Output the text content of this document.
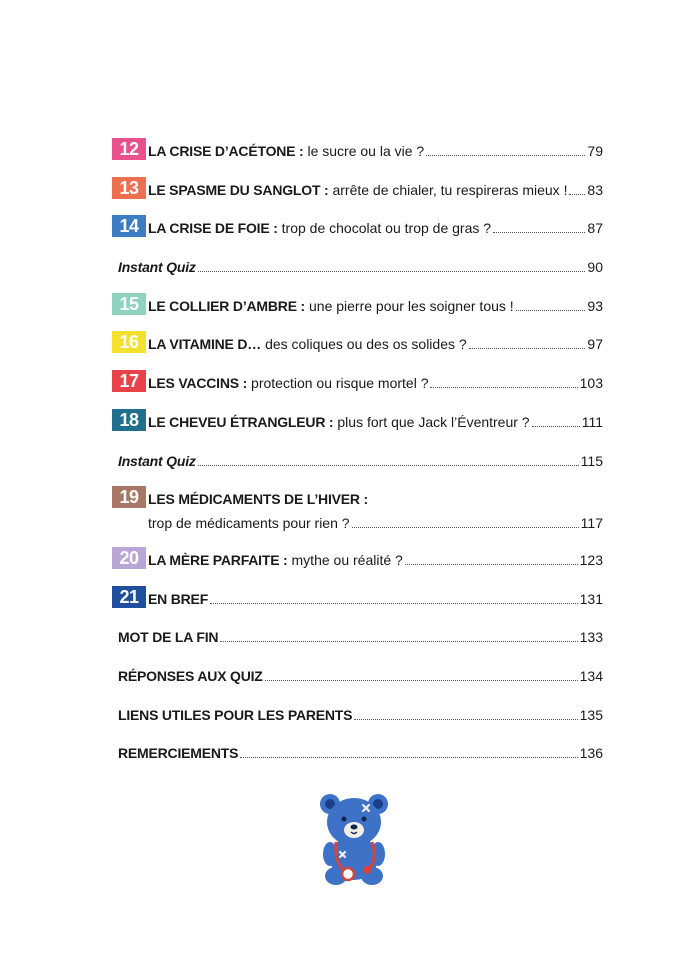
12 LA CRISE D’ACÉTONE : le sucre ou la vie ?	79
13 LE SPASME DU SANGLOT : arrête de chialer, tu respireras mieux ! 83
14 LA CRISE DE FOIE : trop de chocolat ou trop de gras ?	87
Instant Quiz	90
15 LE COLLIER D’AMBRE : une pierre pour les soigner tous !	93
16 LA VITAMINE D… des coliques ou des os solides ?	97
17 LES VACCINS : protection ou risque mortel ?	103
18 LE CHEVEU ÉTRANGLEUR : plus fort que Jack l’Éventreur ?	111
Instant Quiz	115
19 LES MÉDICAMENTS DE L’HIVER :
trop de médicaments pour rien ?	117
20 LA MÈRE PARFAITE : mythe ou réalité ?	123
21 EN BREF	131
MOT DE LA FIN	133
RÉPONSES AUX QUIZ	134
LIENS UTILES POUR LES PARENTS	135
REMERCIEMENTS	136
